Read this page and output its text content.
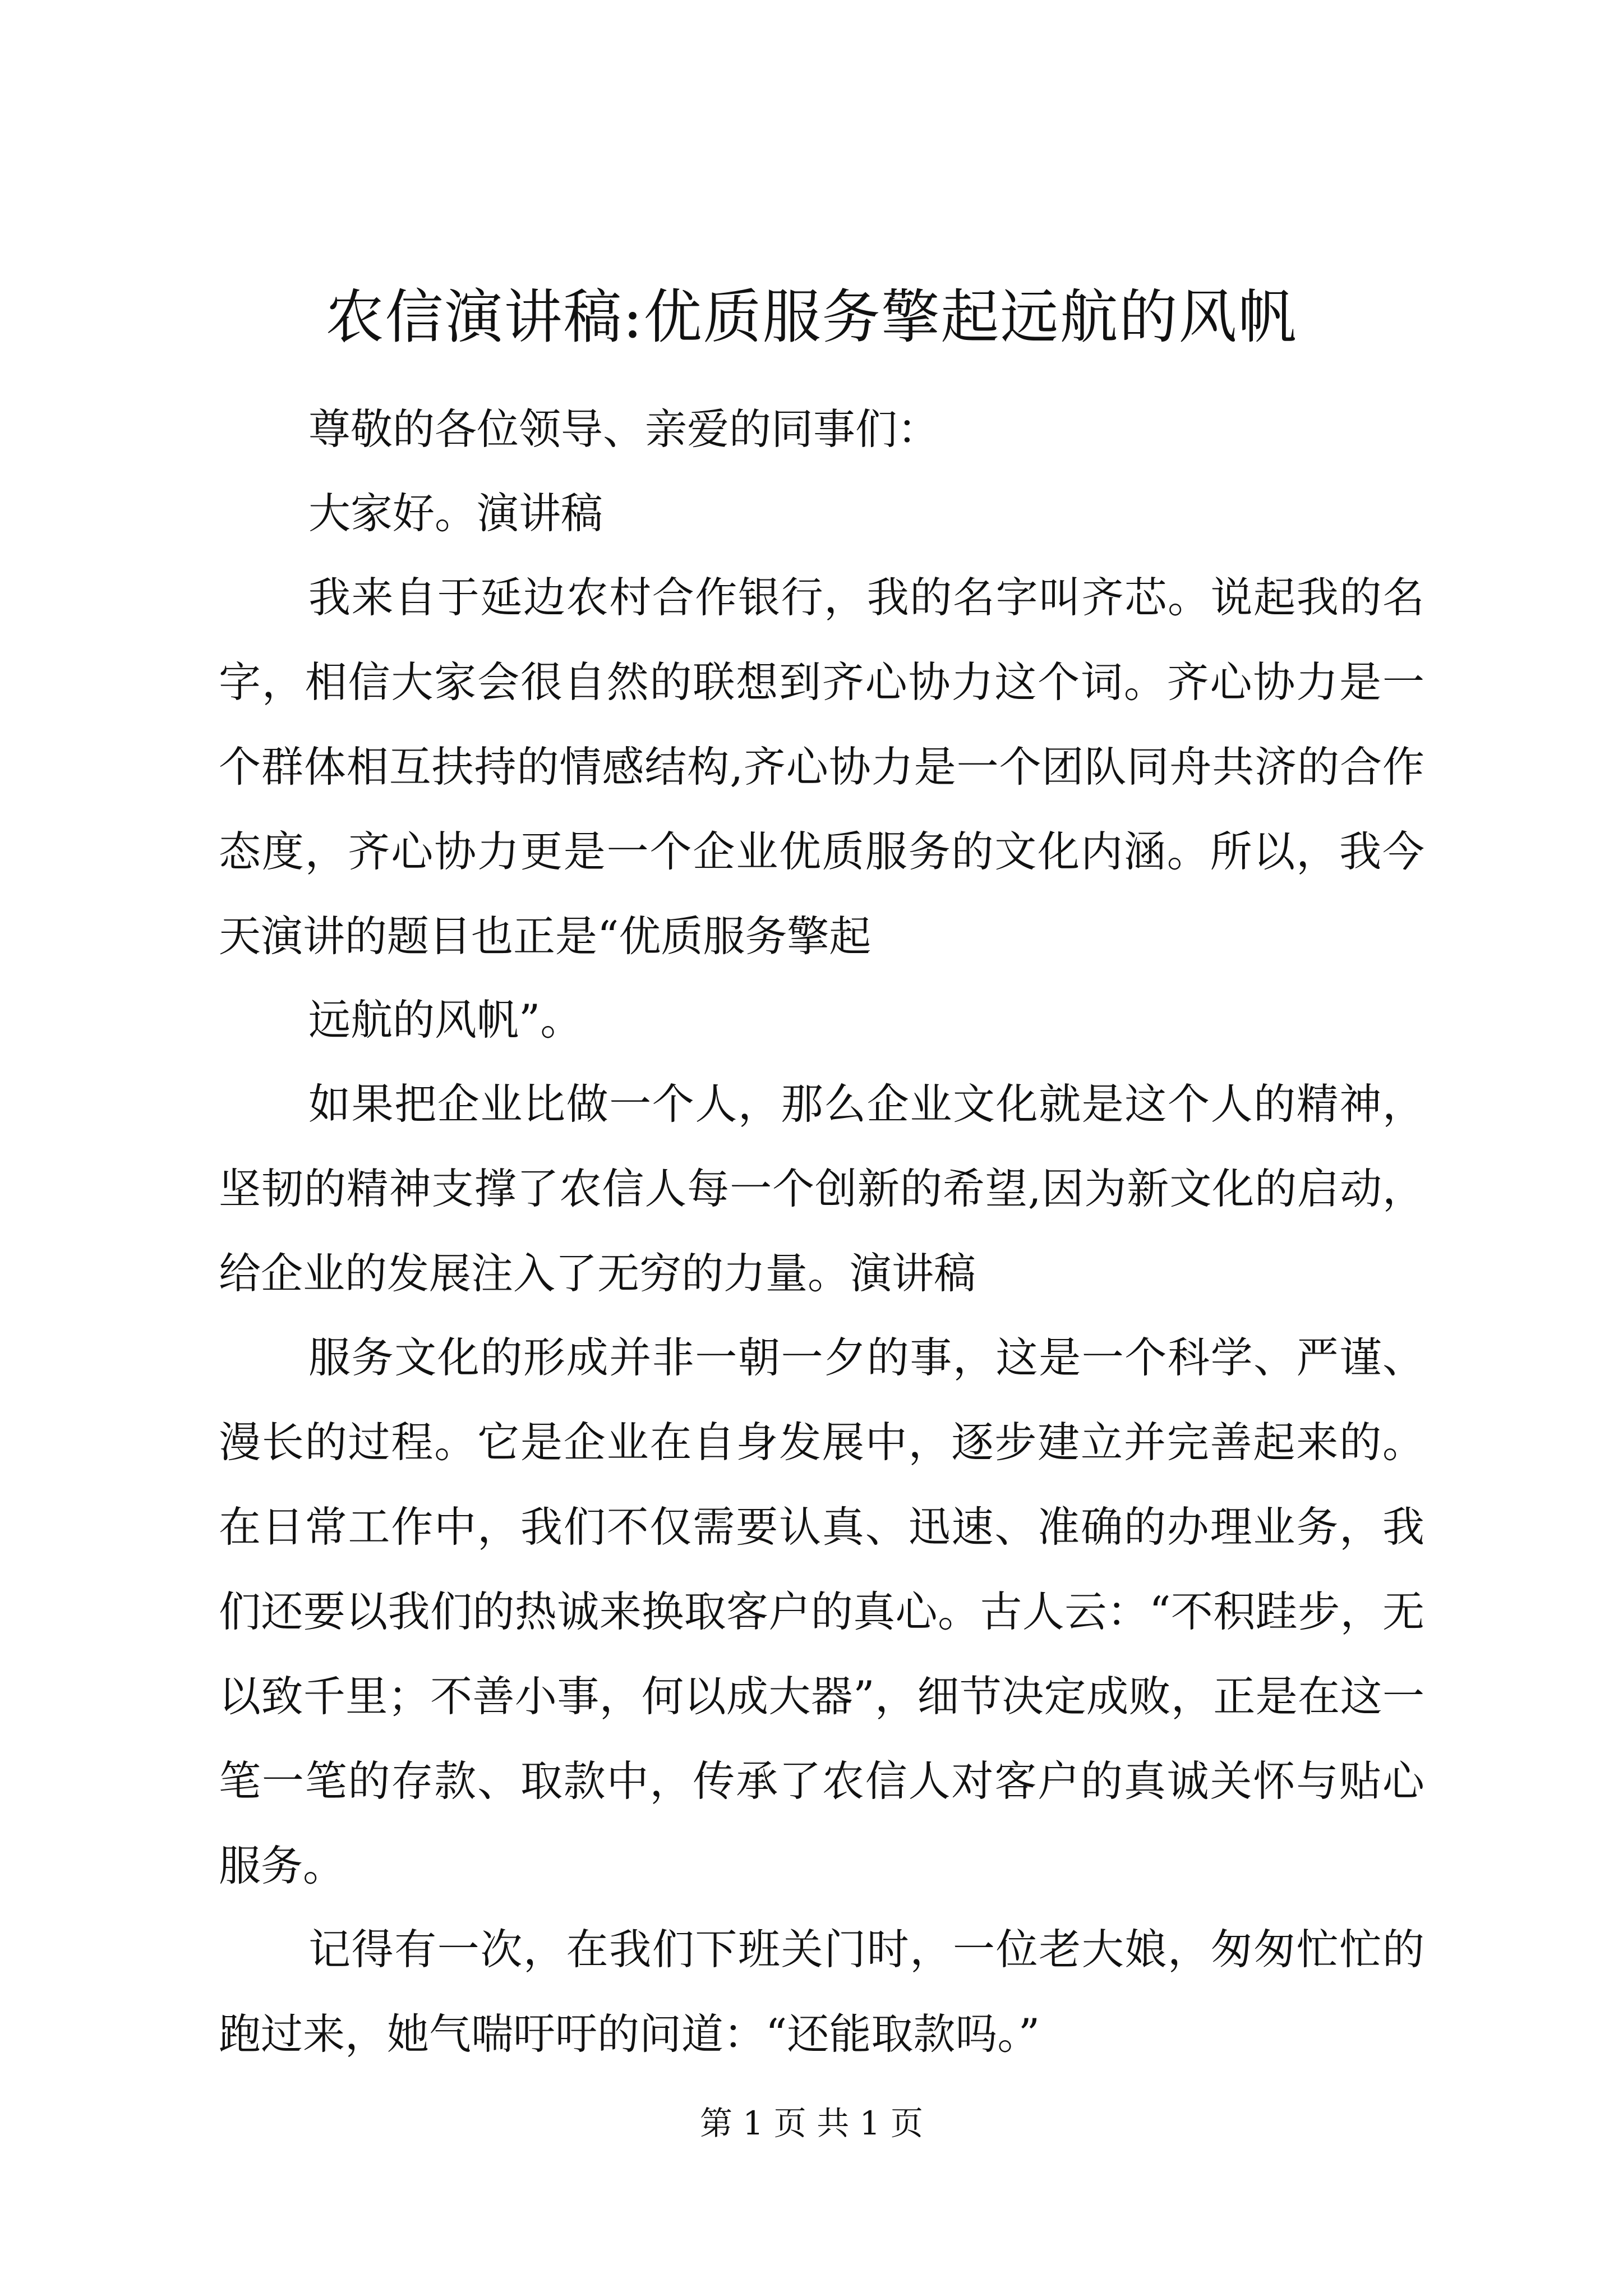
农信演讲稿:优质服务擎起远航的风帆

尊敬的各位领导、亲爱的同事们：

大家好。演讲稿

我来自于延边农村合作银行，我的名字叫齐芯。说起我的名字，相信大家会很自然的联想到齐心协力这个词。齐心协力是一个群体相互扶持的情感结构,齐心协力是一个团队同舟共济的合作态度，齐心协力更是一个企业优质服务的文化内涵。所以，我今天演讲的题目也正是“优质服务擎起

远航的风帆”。

如果把企业比做一个人，那么企业文化就是这个人的精神，坚韧的精神支撑了农信人每一个创新的希望,因为新文化的启动，给企业的发展注入了无穷的力量。演讲稿

服务文化的形成并非一朝一夕的事，这是一个科学、严谨、漫长的过程。它是企业在自身发展中，逐步建立并完善起来的。在日常工作中，我们不仅需要认真、迅速、准确的办理业务，我们还要以我们的热诚来换取客户的真心。古人云：“不积跬步，无以致千里；不善小事，何以成大器”，细节决定成败，正是在这一笔一笔的存款、取款中，传承了农信人对客户的真诚关怀与贴心服务。

记得有一次，在我们下班关门时，一位老大娘，匆匆忙忙的跑过来，她气喘吁吁的问道：“还能取款吗。”

第 1 页 共 1 页
